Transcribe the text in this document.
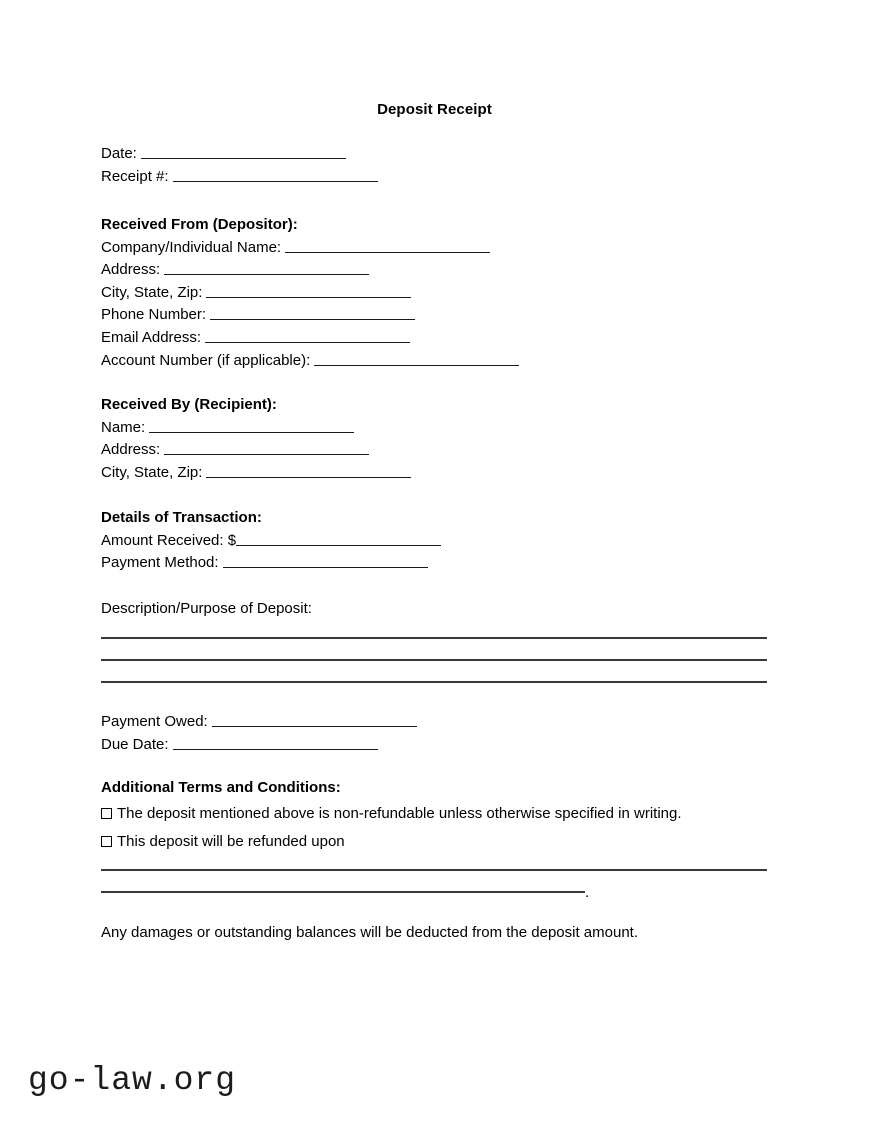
Deposit Receipt
Date:
Receipt #:
Received From (Depositor):
Company/Individual Name:
Address:
City, State, Zip:
Phone Number:
Email Address:
Account Number (if applicable):
Received By (Recipient):
Name:
Address:
City, State, Zip:
Details of Transaction:
Amount Received: $
Payment Method:
Description/Purpose of Deposit:
Payment Owed:
Due Date:
Additional Terms and Conditions:
The deposit mentioned above is non-refundable unless otherwise specified in writing.
This deposit will be refunded upon
.
Any damages or outstanding balances will be deducted from the deposit amount.
go-law.org
